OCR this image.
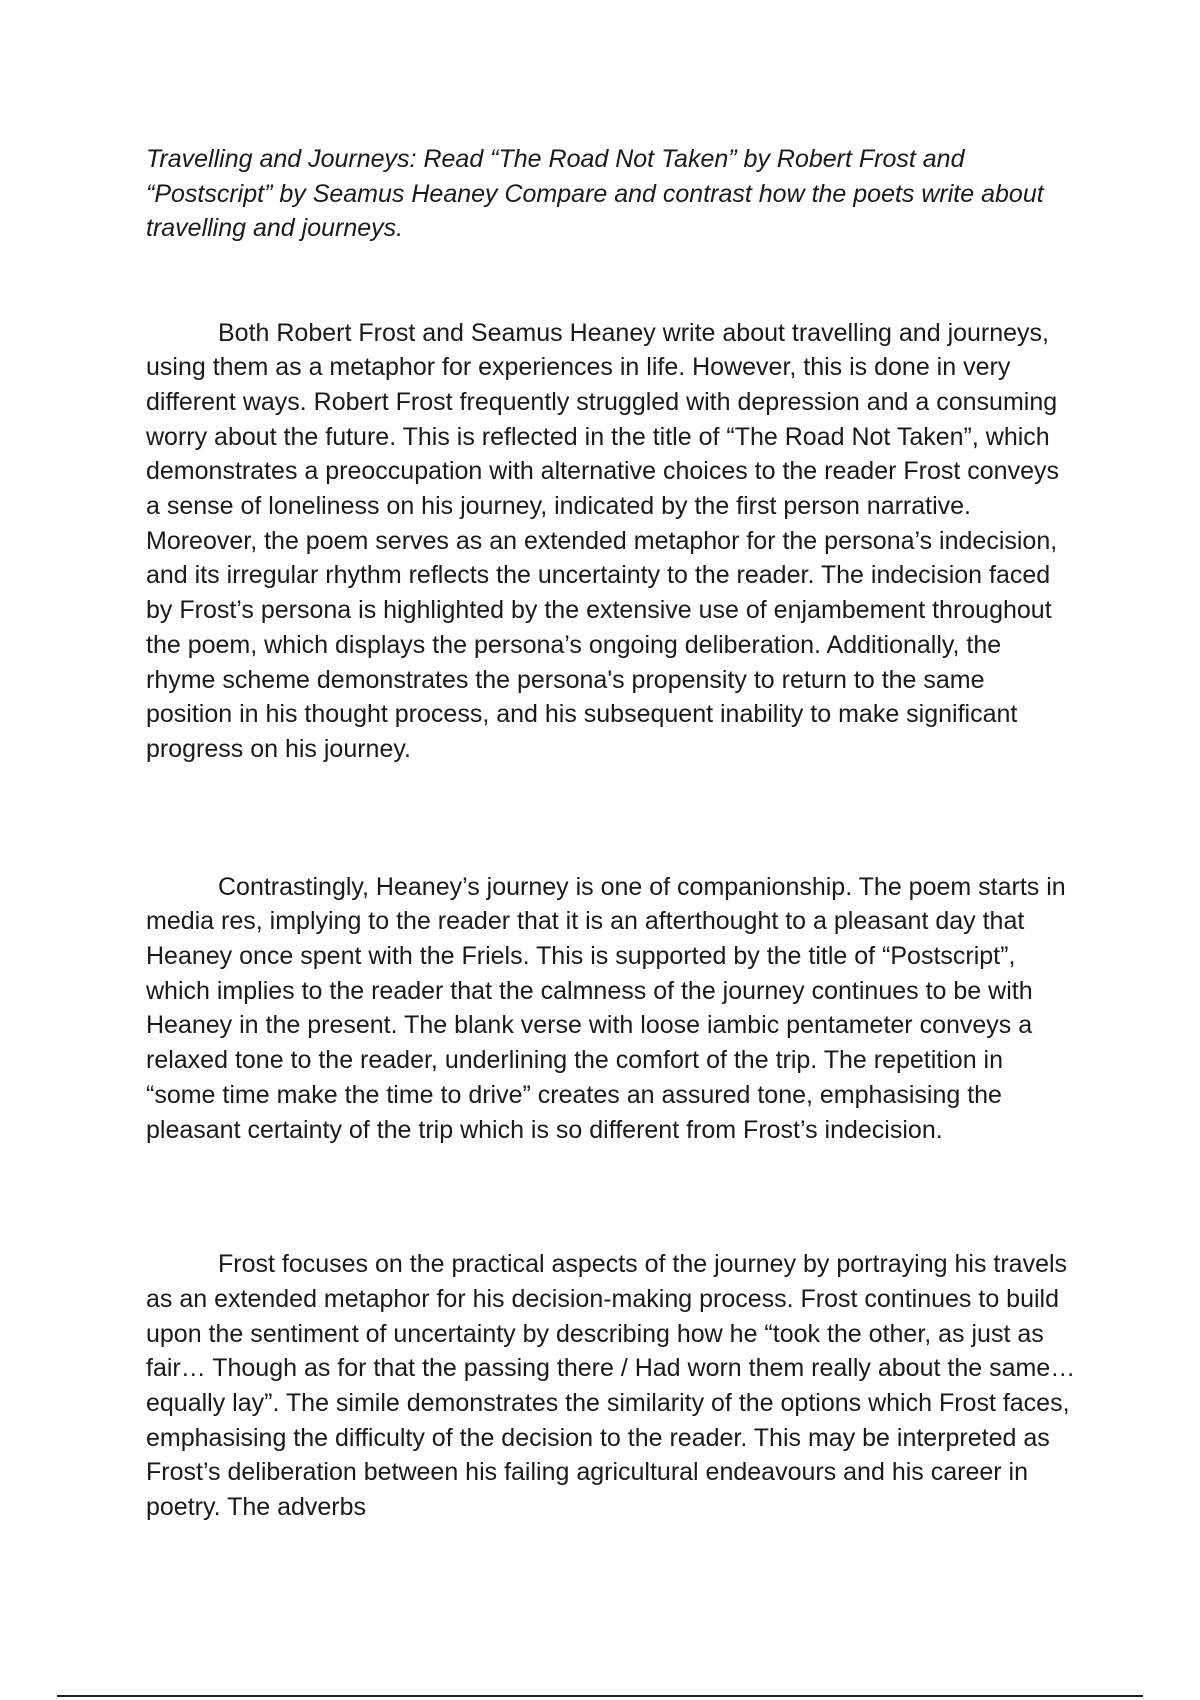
Travelling and Journeys: Read “The Road Not Taken” by Robert Frost and “Postscript” by Seamus Heaney Compare and contrast how the poets write about travelling and journeys.

Both Robert Frost and Seamus Heaney write about travelling and journeys, using them as a metaphor for experiences in life. However, this is done in very different ways. Robert Frost frequently struggled with depression and a consuming worry about the future. This is reflected in the title of “The Road Not Taken”, which demonstrates a preoccupation with alternative choices to the reader Frost conveys a sense of loneliness on his journey, indicated by the first person narrative. Moreover, the poem serves as an extended metaphor for the persona’s indecision, and its irregular rhythm reflects the uncertainty to the reader. The indecision faced by Frost’s persona is highlighted by the extensive use of enjambement throughout the poem, which displays the persona’s ongoing deliberation. Additionally, the rhyme scheme demonstrates the persona's propensity to return to the same position in his thought process, and his subsequent inability to make significant progress on his journey.

Contrastingly, Heaney’s journey is one of companionship. The poem starts in media res, implying to the reader that it is an afterthought to a pleasant day that Heaney once spent with the Friels. This is supported by the title of “Postscript”, which implies to the reader that the calmness of the journey continues to be with Heaney in the present. The blank verse with loose iambic pentameter conveys a relaxed tone to the reader, underlining the comfort of the trip. The repetition in “some time make the time to drive” creates an assured tone, emphasising the pleasant certainty of the trip which is so different from Frost’s indecision.

Frost focuses on the practical aspects of the journey by portraying his travels as an extended metaphor for his decision-making process. Frost continues to build upon the sentiment of uncertainty by describing how he “took the other, as just as fair… Though as for that the passing there / Had worn them really about the same… equally lay”. The simile demonstrates the similarity of the options which Frost faces, emphasising the difficulty of the decision to the reader. This may be interpreted as Frost’s deliberation between his failing agricultural endeavours and his career in poetry. The adverbs
